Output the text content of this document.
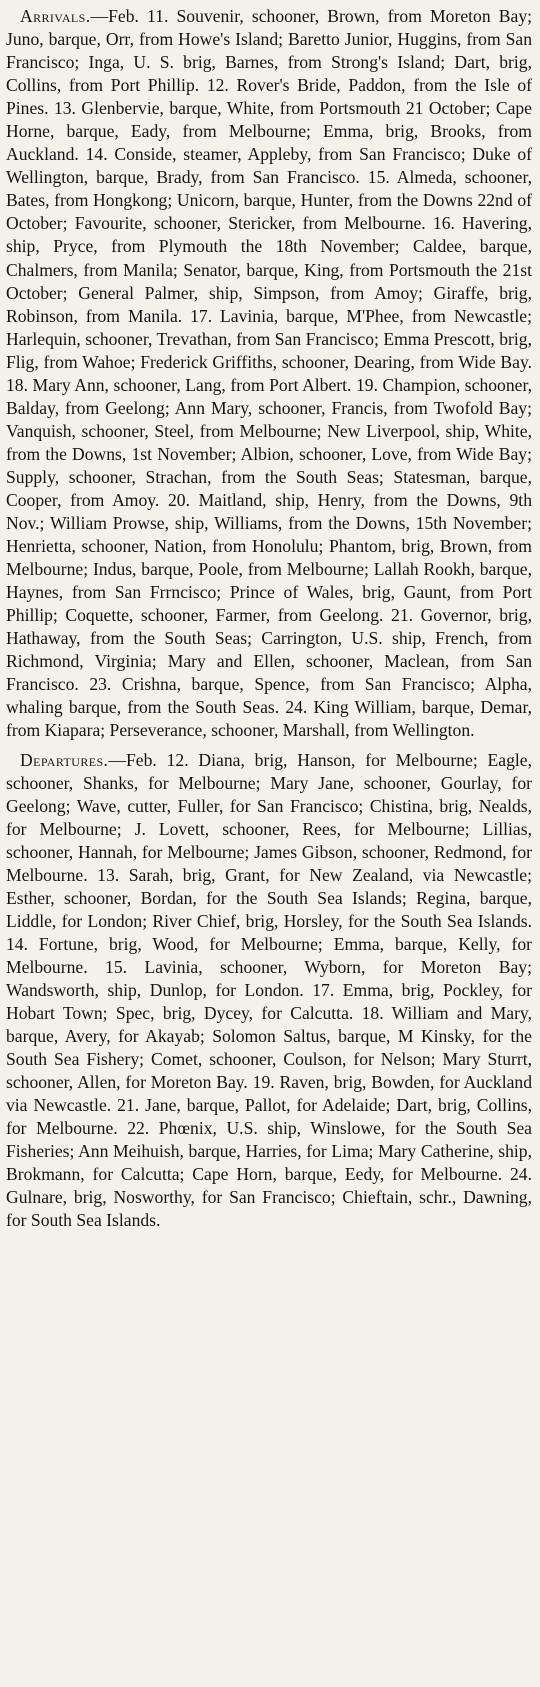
Arrivals.—Feb. 11. Souvenir, schooner, Brown, from Moreton Bay; Juno, barque, Orr, from Howe's Island; Baretto Junior, Huggins, from San Francisco; Inga, U. S. brig, Barnes, from Strong's Island; Dart, brig, Collins, from Port Phillip. 12. Rover's Bride, Paddon, from the Isle of Pines. 13. Glenbervie, barque, White, from Portsmouth 21 October; Cape Horne, barque, Eady, from Melbourne; Emma, brig, Brooks, from Auckland. 14. Conside, steamer, Appleby, from San Francisco; Duke of Wellington, barque, Brady, from San Francisco. 15. Almeda, schooner, Bates, from Hongkong; Unicorn, barque, Hunter, from the Downs 22nd of October; Favourite, schooner, Stericker, from Melbourne. 16. Havering, ship, Pryce, from Plymouth the 18th November; Caldee, barque, Chalmers, from Manila; Senator, barque, King, from Portsmouth the 21st October; General Palmer, ship, Simpson, from Amoy; Giraffe, brig, Robinson, from Manila. 17. Lavinia, barque, M'Phee, from Newcastle; Harlequin, schooner, Trevathan, from San Francisco; Emma Prescott, brig, Flig, from Wahoe; Frederick Griffiths, schooner, Dearing, from Wide Bay. 18. Mary Ann, schooner, Lang, from Port Albert. 19. Champion, schooner, Balday, from Geelong; Ann Mary, schooner, Francis, from Twofold Bay; Vanquish, schooner, Steel, from Melbourne; New Liverpool, ship, White, from the Downs, 1st November; Albion, schooner, Love, from Wide Bay; Supply, schooner, Strachan, from the South Seas; Statesman, barque, Cooper, from Amoy. 20. Maitland, ship, Henry, from the Downs, 9th Nov.; William Prowse, ship, Williams, from the Downs, 15th November; Henrietta, schooner, Nation, from Honolulu; Phantom, brig, Brown, from Melbourne; Indus, barque, Poole, from Melbourne; Lallah Rookh, barque, Haynes, from San Frrncisco; Prince of Wales, brig, Gaunt, from Port Phillip; Coquette, schooner, Farmer, from Geelong. 21. Governor, brig, Hathaway, from the South Seas; Carrington, U.S. ship, French, from Richmond, Virginia; Mary and Ellen, schooner, Maclean, from San Francisco. 23. Crishna, barque, Spence, from San Francisco; Alpha, whaling barque, from the South Seas. 24. King William, barque, Demar, from Kiapara; Perseverance, schooner, Marshall, from Wellington.

Departures.—Feb. 12. Diana, brig, Hanson, for Melbourne; Eagle, schooner, Shanks, for Melbourne; Mary Jane, schooner, Gourlay, for Geelong; Wave, cutter, Fuller, for San Francisco; Chistina, brig, Nealds, for Melbourne; J. Lovett, schooner, Rees, for Melbourne; Lillias, schooner, Hannah, for Melbourne; James Gibson, schooner, Redmond, for Melbourne. 13. Sarah, brig, Grant, for New Zealand, via Newcastle; Esther, schooner, Bordan, for the South Sea Islands; Regina, barque, Liddle, for London; River Chief, brig, Horsley, for the South Sea Islands. 14. Fortune, brig, Wood, for Melbourne; Emma, barque, Kelly, for Melbourne. 15. Lavinia, schooner, Wyborn, for Moreton Bay; Wandsworth, ship, Dunlop, for London. 17. Emma, brig, Pockley, for Hobart Town; Spec, brig, Dycey, for Calcutta. 18. William and Mary, barque, Avery, for Akayab; Solomon Saltus, barque, M Kinsky, for the South Sea Fishery; Comet, schooner, Coulson, for Nelson; Mary Sturrt, schooner, Allen, for Moreton Bay. 19. Raven, brig, Bowden, for Auckland via Newcastle. 21. Jane, barque, Pallot, for Adelaide; Dart, brig, Collins, for Melbourne. 22. Phœnix, U.S. ship, Winslowe, for the South Sea Fisheries; Ann Meihuish, barque, Harries, for Lima; Mary Catherine, ship, Brokmann, for Calcutta; Cape Horn, barque, Eedy, for Melbourne. 24. Gulnare, brig, Nosworthy, for San Francisco; Chieftain, schr., Dawning, for South Sea Islands.
